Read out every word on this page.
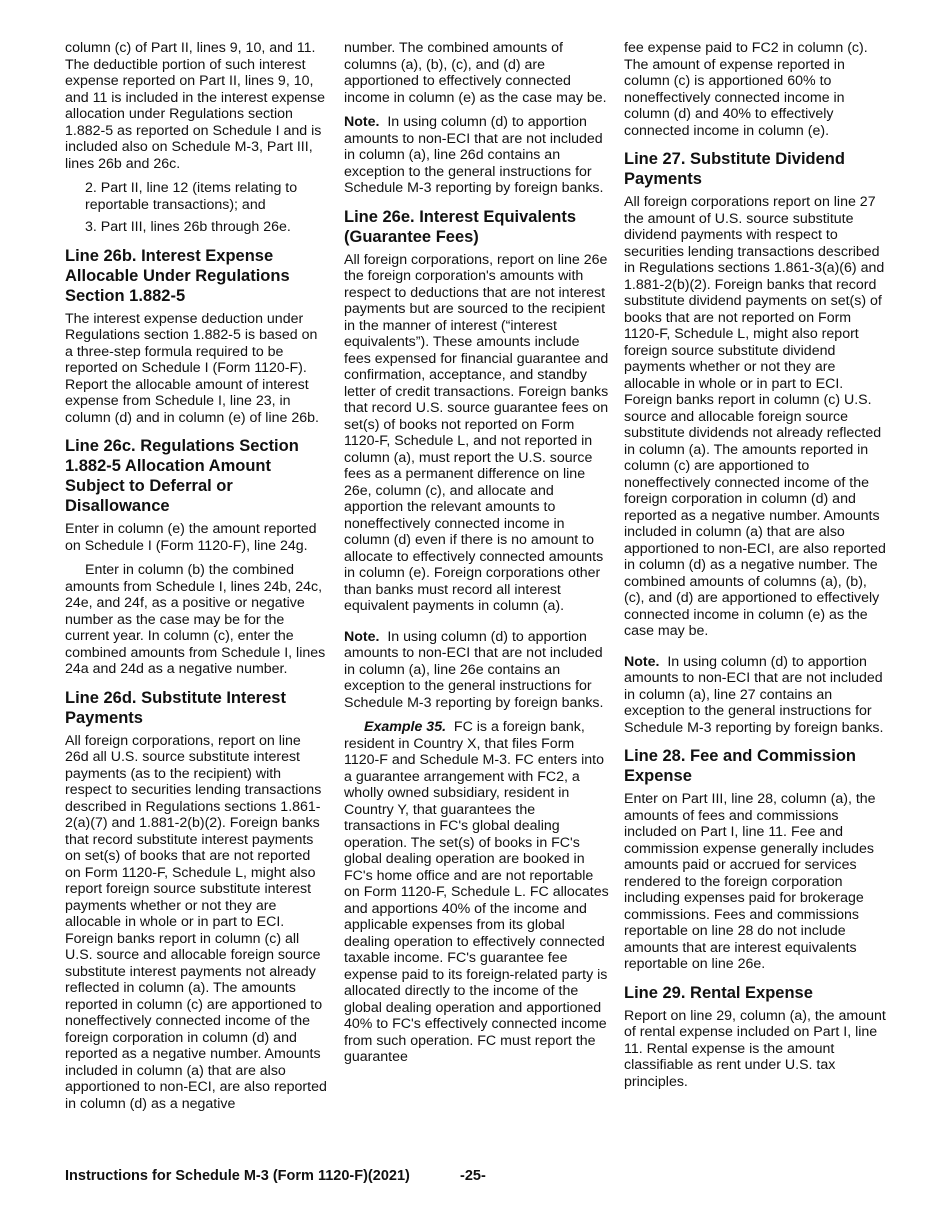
column (c) of Part II, lines 9, 10, and 11. The deductible portion of such interest expense reported on Part II, lines 9, 10, and 11 is included in the interest expense allocation under Regulations section 1.882-5 as reported on Schedule I and is included also on Schedule M-3, Part III, lines 26b and 26c.

2. Part II, line 12 (items relating to reportable transactions); and

3. Part III, lines 26b through 26e.

Line 26b. Interest Expense Allocable Under Regulations Section 1.882-5

The interest expense deduction under Regulations section 1.882-5 is based on a three-step formula required to be reported on Schedule I (Form 1120-F). Report the allocable amount of interest expense from Schedule I, line 23, in column (d) and in column (e) of line 26b.

Line 26c. Regulations Section 1.882-5 Allocation Amount Subject to Deferral or Disallowance

Enter in column (e) the amount reported on Schedule I (Form 1120-F), line 24g.

Enter in column (b) the combined amounts from Schedule I, lines 24b, 24c, 24e, and 24f, as a positive or negative number as the case may be for the current year. In column (c), enter the combined amounts from Schedule I, lines 24a and 24d as a negative number.

Line 26d. Substitute Interest Payments

All foreign corporations, report on line 26d all U.S. source substitute interest payments (as to the recipient) with respect to securities lending transactions described in Regulations sections 1.861-2(a)(7) and 1.881-2(b)(2). Foreign banks that record substitute interest payments on set(s) of books that are not reported on Form 1120-F, Schedule L, might also report foreign source substitute interest payments whether or not they are allocable in whole or in part to ECI. Foreign banks report in column (c) all U.S. source and allocable foreign source substitute interest payments not already reflected in column (a). The amounts reported in column (c) are apportioned to noneffectively connected income of the foreign corporation in column (d) and reported as a negative number. Amounts included in column (a) that are also apportioned to non-ECI, are also reported in column (d) as a negative

number. The combined amounts of columns (a), (b), (c), and (d) are apportioned to effectively connected income in column (e) as the case may be.

Note. In using column (d) to apportion amounts to non-ECI that are not included in column (a), line 26d contains an exception to the general instructions for Schedule M-3 reporting by foreign banks.

Line 26e. Interest Equivalents (Guarantee Fees)

All foreign corporations, report on line 26e the foreign corporation's amounts with respect to deductions that are not interest payments but are sourced to the recipient in the manner of interest (“interest equivalents”). These amounts include fees expensed for financial guarantee and confirmation, acceptance, and standby letter of credit transactions. Foreign banks that record U.S. source guarantee fees on set(s) of books not reported on Form 1120-F, Schedule L, and not reported in column (a), must report the U.S. source fees as a permanent difference on line 26e, column (c), and allocate and apportion the relevant amounts to noneffectively connected income in column (d) even if there is no amount to allocate to effectively connected amounts in column (e). Foreign corporations other than banks must record all interest equivalent payments in column (a).

Note. In using column (d) to apportion amounts to non-ECI that are not included in column (a), line 26e contains an exception to the general instructions for Schedule M-3 reporting by foreign banks.

Example 35. FC is a foreign bank, resident in Country X, that files Form 1120-F and Schedule M-3. FC enters into a guarantee arrangement with FC2, a wholly owned subsidiary, resident in Country Y, that guarantees the transactions in FC's global dealing operation. The set(s) of books in FC's global dealing operation are booked in FC's home office and are not reportable on Form 1120-F, Schedule L. FC allocates and apportions 40% of the income and applicable expenses from its global dealing operation to effectively connected taxable income. FC's guarantee fee expense paid to its foreign-related party is allocated directly to the income of the global dealing operation and apportioned 40% to FC's effectively connected income from such operation. FC must report the guarantee

fee expense paid to FC2 in column (c). The amount of expense reported in column (c) is apportioned 60% to noneffectively connected income in column (d) and 40% to effectively connected income in column (e).

Line 27. Substitute Dividend Payments

All foreign corporations report on line 27 the amount of U.S. source substitute dividend payments with respect to securities lending transactions described in Regulations sections 1.861-3(a)(6) and 1.881-2(b)(2). Foreign banks that record substitute dividend payments on set(s) of books that are not reported on Form 1120-F, Schedule L, might also report foreign source substitute dividend payments whether or not they are allocable in whole or in part to ECI. Foreign banks report in column (c) U.S. source and allocable foreign source substitute dividends not already reflected in column (a). The amounts reported in column (c) are apportioned to noneffectively connected income of the foreign corporation in column (d) and reported as a negative number. Amounts included in column (a) that are also apportioned to non-ECI, are also reported in column (d) as a negative number. The combined amounts of columns (a), (b), (c), and (d) are apportioned to effectively connected income in column (e) as the case may be.

Note. In using column (d) to apportion amounts to non-ECI that are not included in column (a), line 27 contains an exception to the general instructions for Schedule M-3 reporting by foreign banks.

Line 28. Fee and Commission Expense

Enter on Part III, line 28, column (a), the amounts of fees and commissions included on Part I, line 11. Fee and commission expense generally includes amounts paid or accrued for services rendered to the foreign corporation including expenses paid for brokerage commissions. Fees and commissions reportable on line 28 do not include amounts that are interest equivalents reportable on line 26e.

Line 29. Rental Expense

Report on line 29, column (a), the amount of rental expense included on Part I, line 11. Rental expense is the amount classifiable as rent under U.S. tax principles.

Instructions for Schedule M-3 (Form 1120-F)(2021)	-25-
